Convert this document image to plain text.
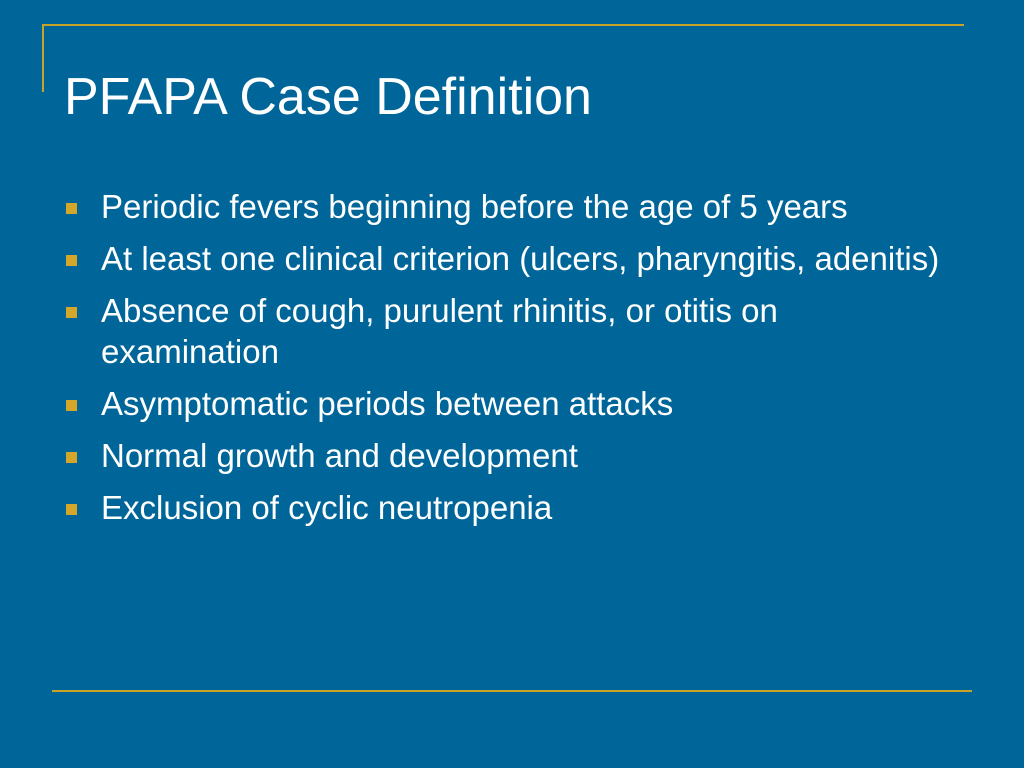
PFAPA Case Definition
Periodic fevers beginning before the age of 5 years
At least one clinical criterion (ulcers, pharyngitis, adenitis)
Absence of cough, purulent rhinitis, or otitis on examination
Asymptomatic periods between attacks
Normal growth and development
Exclusion of cyclic neutropenia
